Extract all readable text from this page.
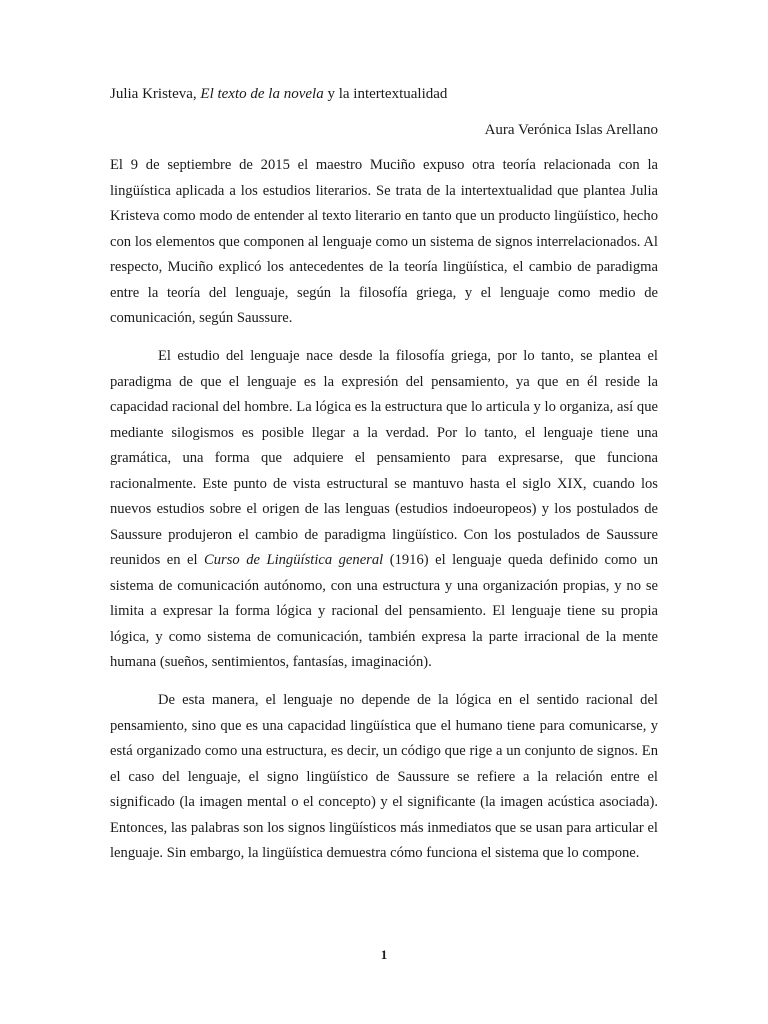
Julia Kristeva, El texto de la novela y la intertextualidad
Aura Verónica Islas Arellano

El 9 de septiembre de 2015 el maestro Muciño expuso otra teoría relacionada con la lingüística aplicada a los estudios literarios. Se trata de la intertextualidad que plantea Julia Kristeva como modo de entender al texto literario en tanto que un producto lingüístico, hecho con los elementos que componen al lenguaje como un sistema de signos interrelacionados. Al respecto, Muciño explicó los antecedentes de la teoría lingüística, el cambio de paradigma entre la teoría del lenguaje, según la filosofía griega, y el lenguaje como medio de comunicación, según Saussure.

El estudio del lenguaje nace desde la filosofía griega, por lo tanto, se plantea el paradigma de que el lenguaje es la expresión del pensamiento, ya que en él reside la capacidad racional del hombre. La lógica es la estructura que lo articula y lo organiza, así que mediante silogismos es posible llegar a la verdad. Por lo tanto, el lenguaje tiene una gramática, una forma que adquiere el pensamiento para expresarse, que funciona racionalmente. Este punto de vista estructural se mantuvo hasta el siglo XIX, cuando los nuevos estudios sobre el origen de las lenguas (estudios indoeuropeos) y los postulados de Saussure produjeron el cambio de paradigma lingüístico. Con los postulados de Saussure reunidos en el Curso de Lingüística general (1916) el lenguaje queda definido como un sistema de comunicación autónomo, con una estructura y una organización propias, y no se limita a expresar la forma lógica y racional del pensamiento. El lenguaje tiene su propia lógica, y como sistema de comunicación, también expresa la parte irracional de la mente humana (sueños, sentimientos, fantasías, imaginación).

De esta manera, el lenguaje no depende de la lógica en el sentido racional del pensamiento, sino que es una capacidad lingüística que el humano tiene para comunicarse, y está organizado como una estructura, es decir, un código que rige a un conjunto de signos. En el caso del lenguaje, el signo lingüístico de Saussure se refiere a la relación entre el significado (la imagen mental o el concepto) y el significante (la imagen acústica asociada). Entonces, las palabras son los signos lingüísticos más inmediatos que se usan para articular el lenguaje. Sin embargo, la lingüística demuestra cómo funciona el sistema que lo compone.

1
